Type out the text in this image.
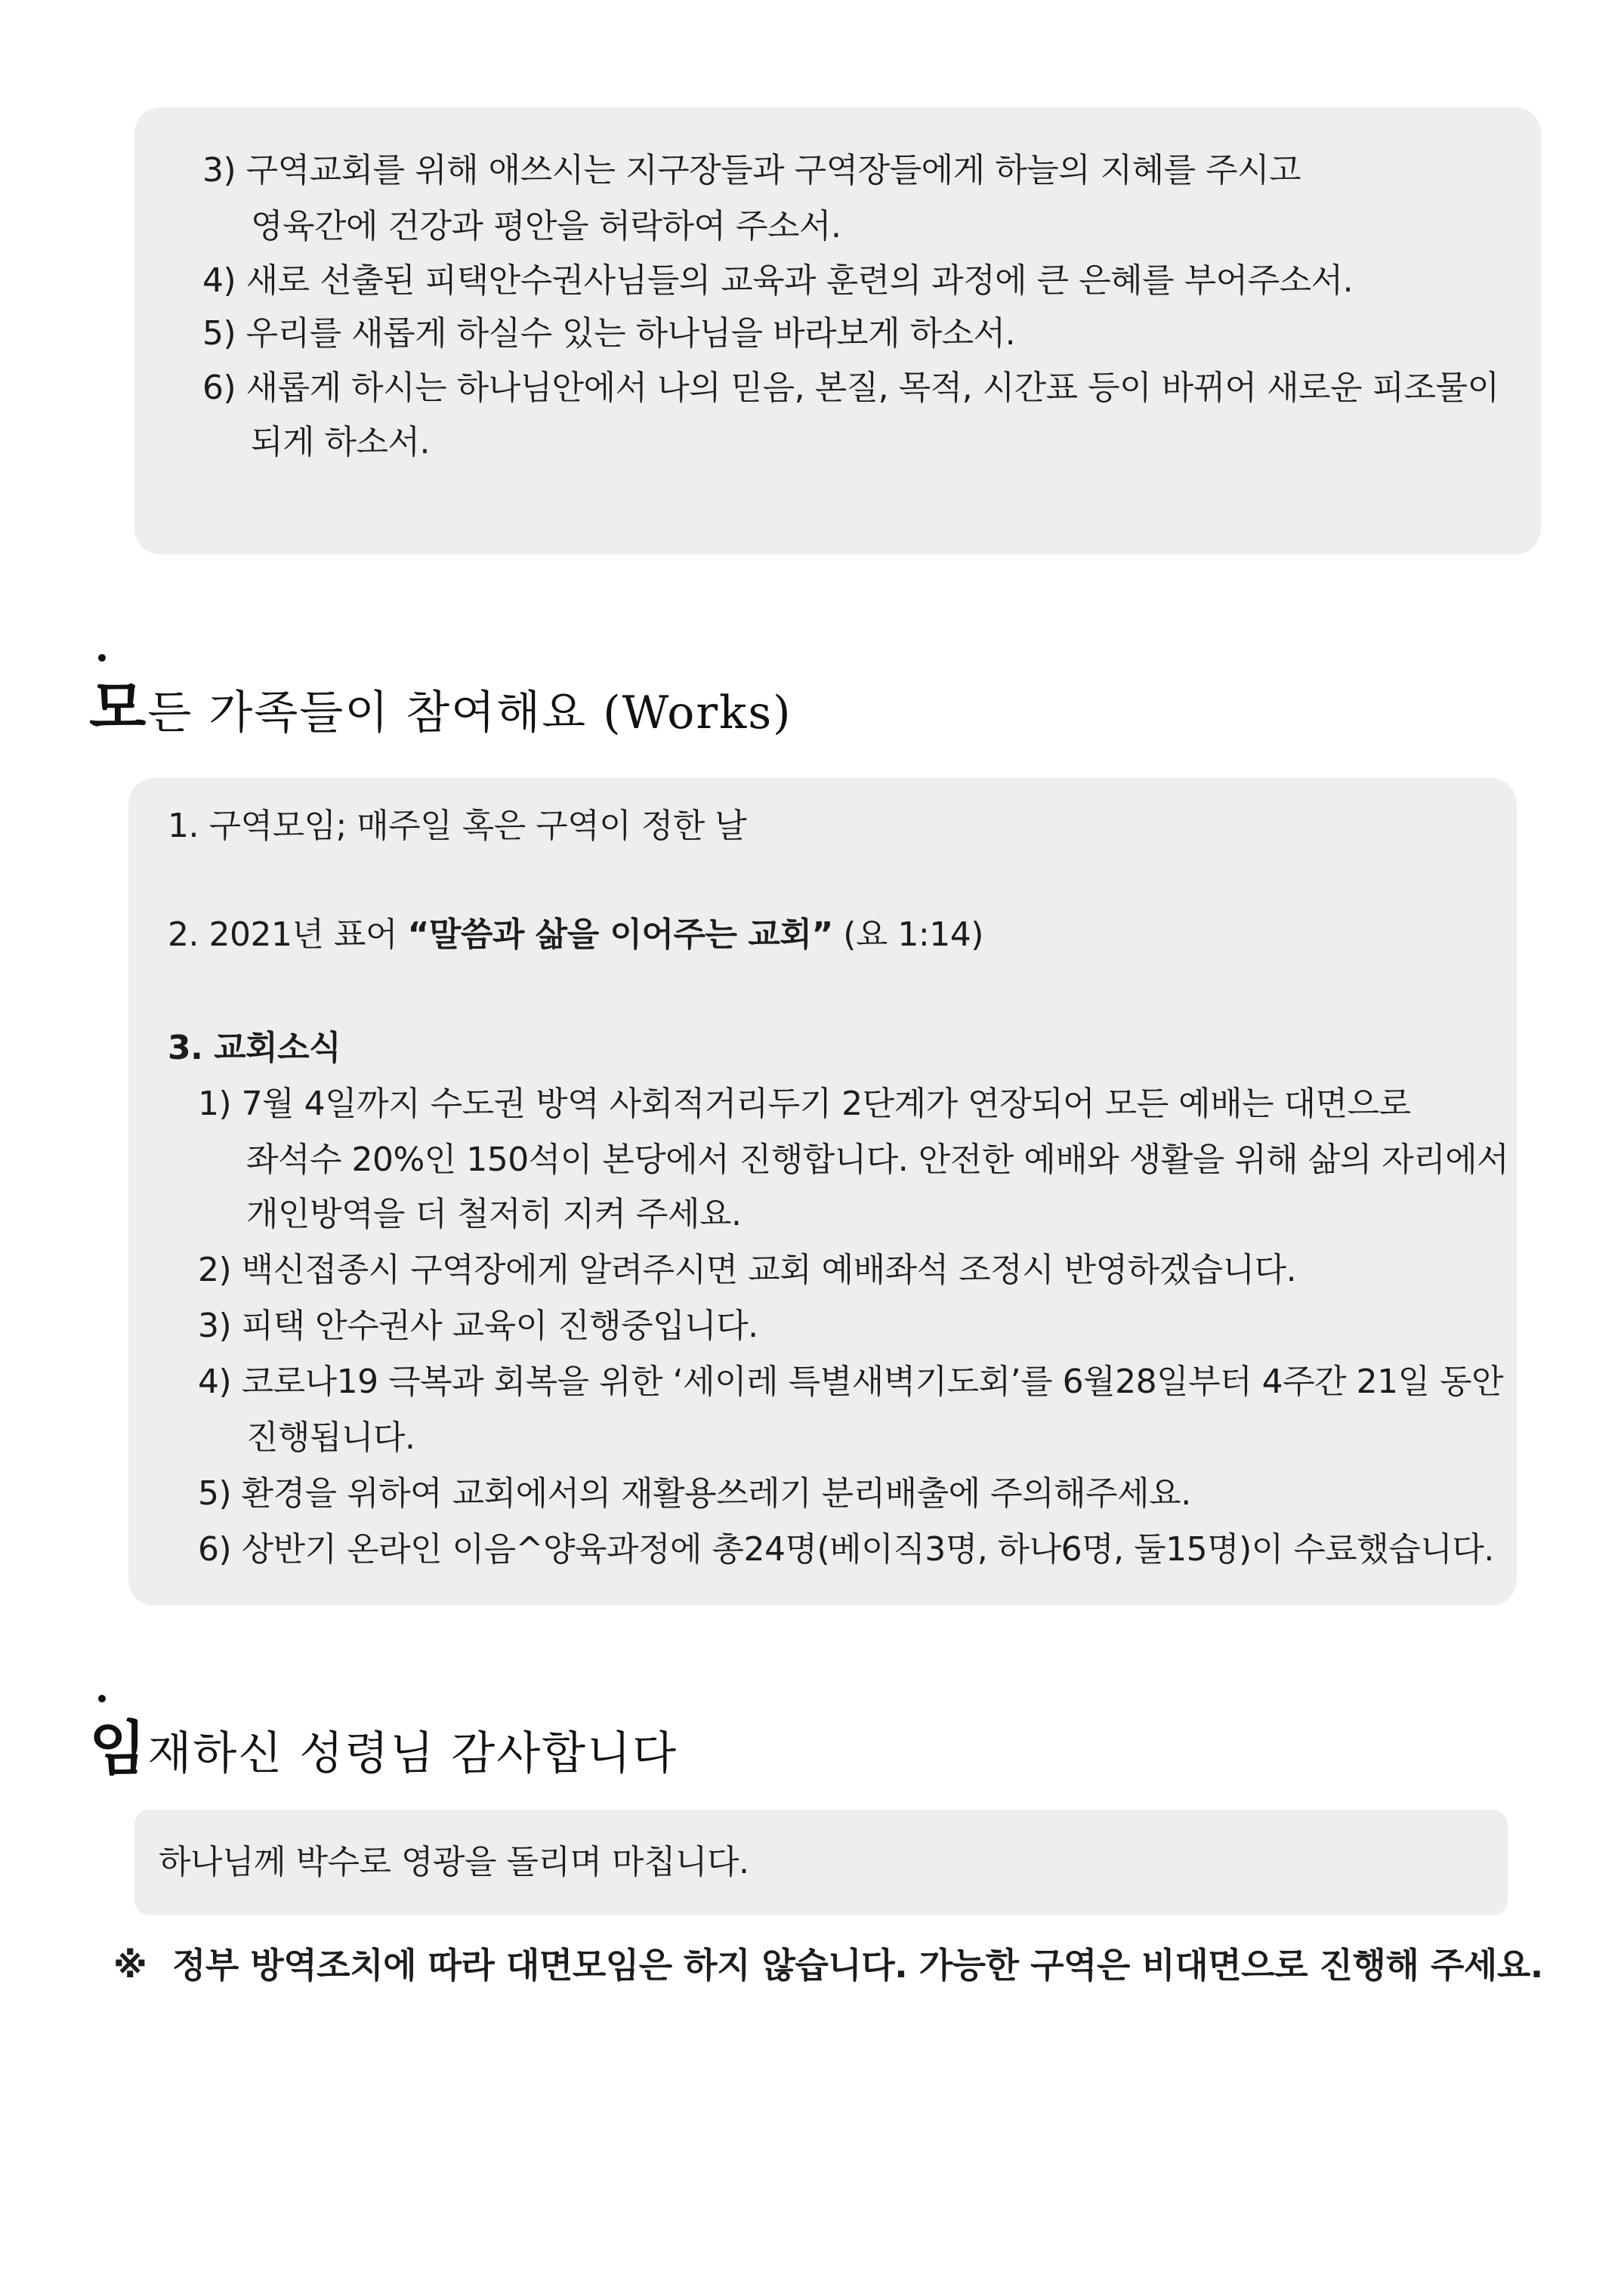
3) 구역교회를 위해 애쓰시는 지구장들과 구역장들에게 하늘의 지혜를 주시고
영육간에 건강과 평안을 허락하여 주소서.
4) 새로 선출된 피택안수권사님들의 교육과 훈련의 과정에 큰 은혜를 부어주소서.
5) 우리를 새롭게 하실수 있는 하나님을 바라보게 하소서.
6) 새롭게 하시는 하나님안에서 나의 믿음, 본질, 목적, 시간표 등이 바뀌어 새로운 피조물이
되게 하소서.
모든 가족들이 참여해요 (Works)
1. 구역모임; 매주일 혹은 구역이 정한 날
2. 2021년 표어 “말씀과 삶을 이어주는 교회” (요 1:14)
3. 교회소식
1) 7월 4일까지 수도권 방역 사회적거리두기 2단계가 연장되어 모든 예배는 대면으로
좌석수 20%인 150석이 본당에서 진행합니다. 안전한 예배와 생활을 위해 삶의 자리에서
개인방역을 더 철저히 지켜 주세요.
2) 백신접종시 구역장에게 알려주시면 교회 예배좌석 조정시 반영하겠습니다.
3) 피택 안수권사 교육이 진행중입니다.
4) 코로나19 극복과 회복을 위한 ‘세이레 특별새벽기도회’를 6월28일부터 4주간 21일 동안
진행됩니다.
5) 환경을 위하여 교회에서의 재활용쓰레기 분리배출에 주의해주세요.
6) 상반기 온라인 이음^양육과정에 총24명(베이직3명, 하나6명, 둘15명)이 수료했습니다.
임재하신 성령님 감사합니다
하나님께 박수로 영광을 돌리며 마칩니다.
※ 정부 방역조치에 따라 대면모임은 하지 않습니다. 가능한 구역은 비대면으로 진행해 주세요.
